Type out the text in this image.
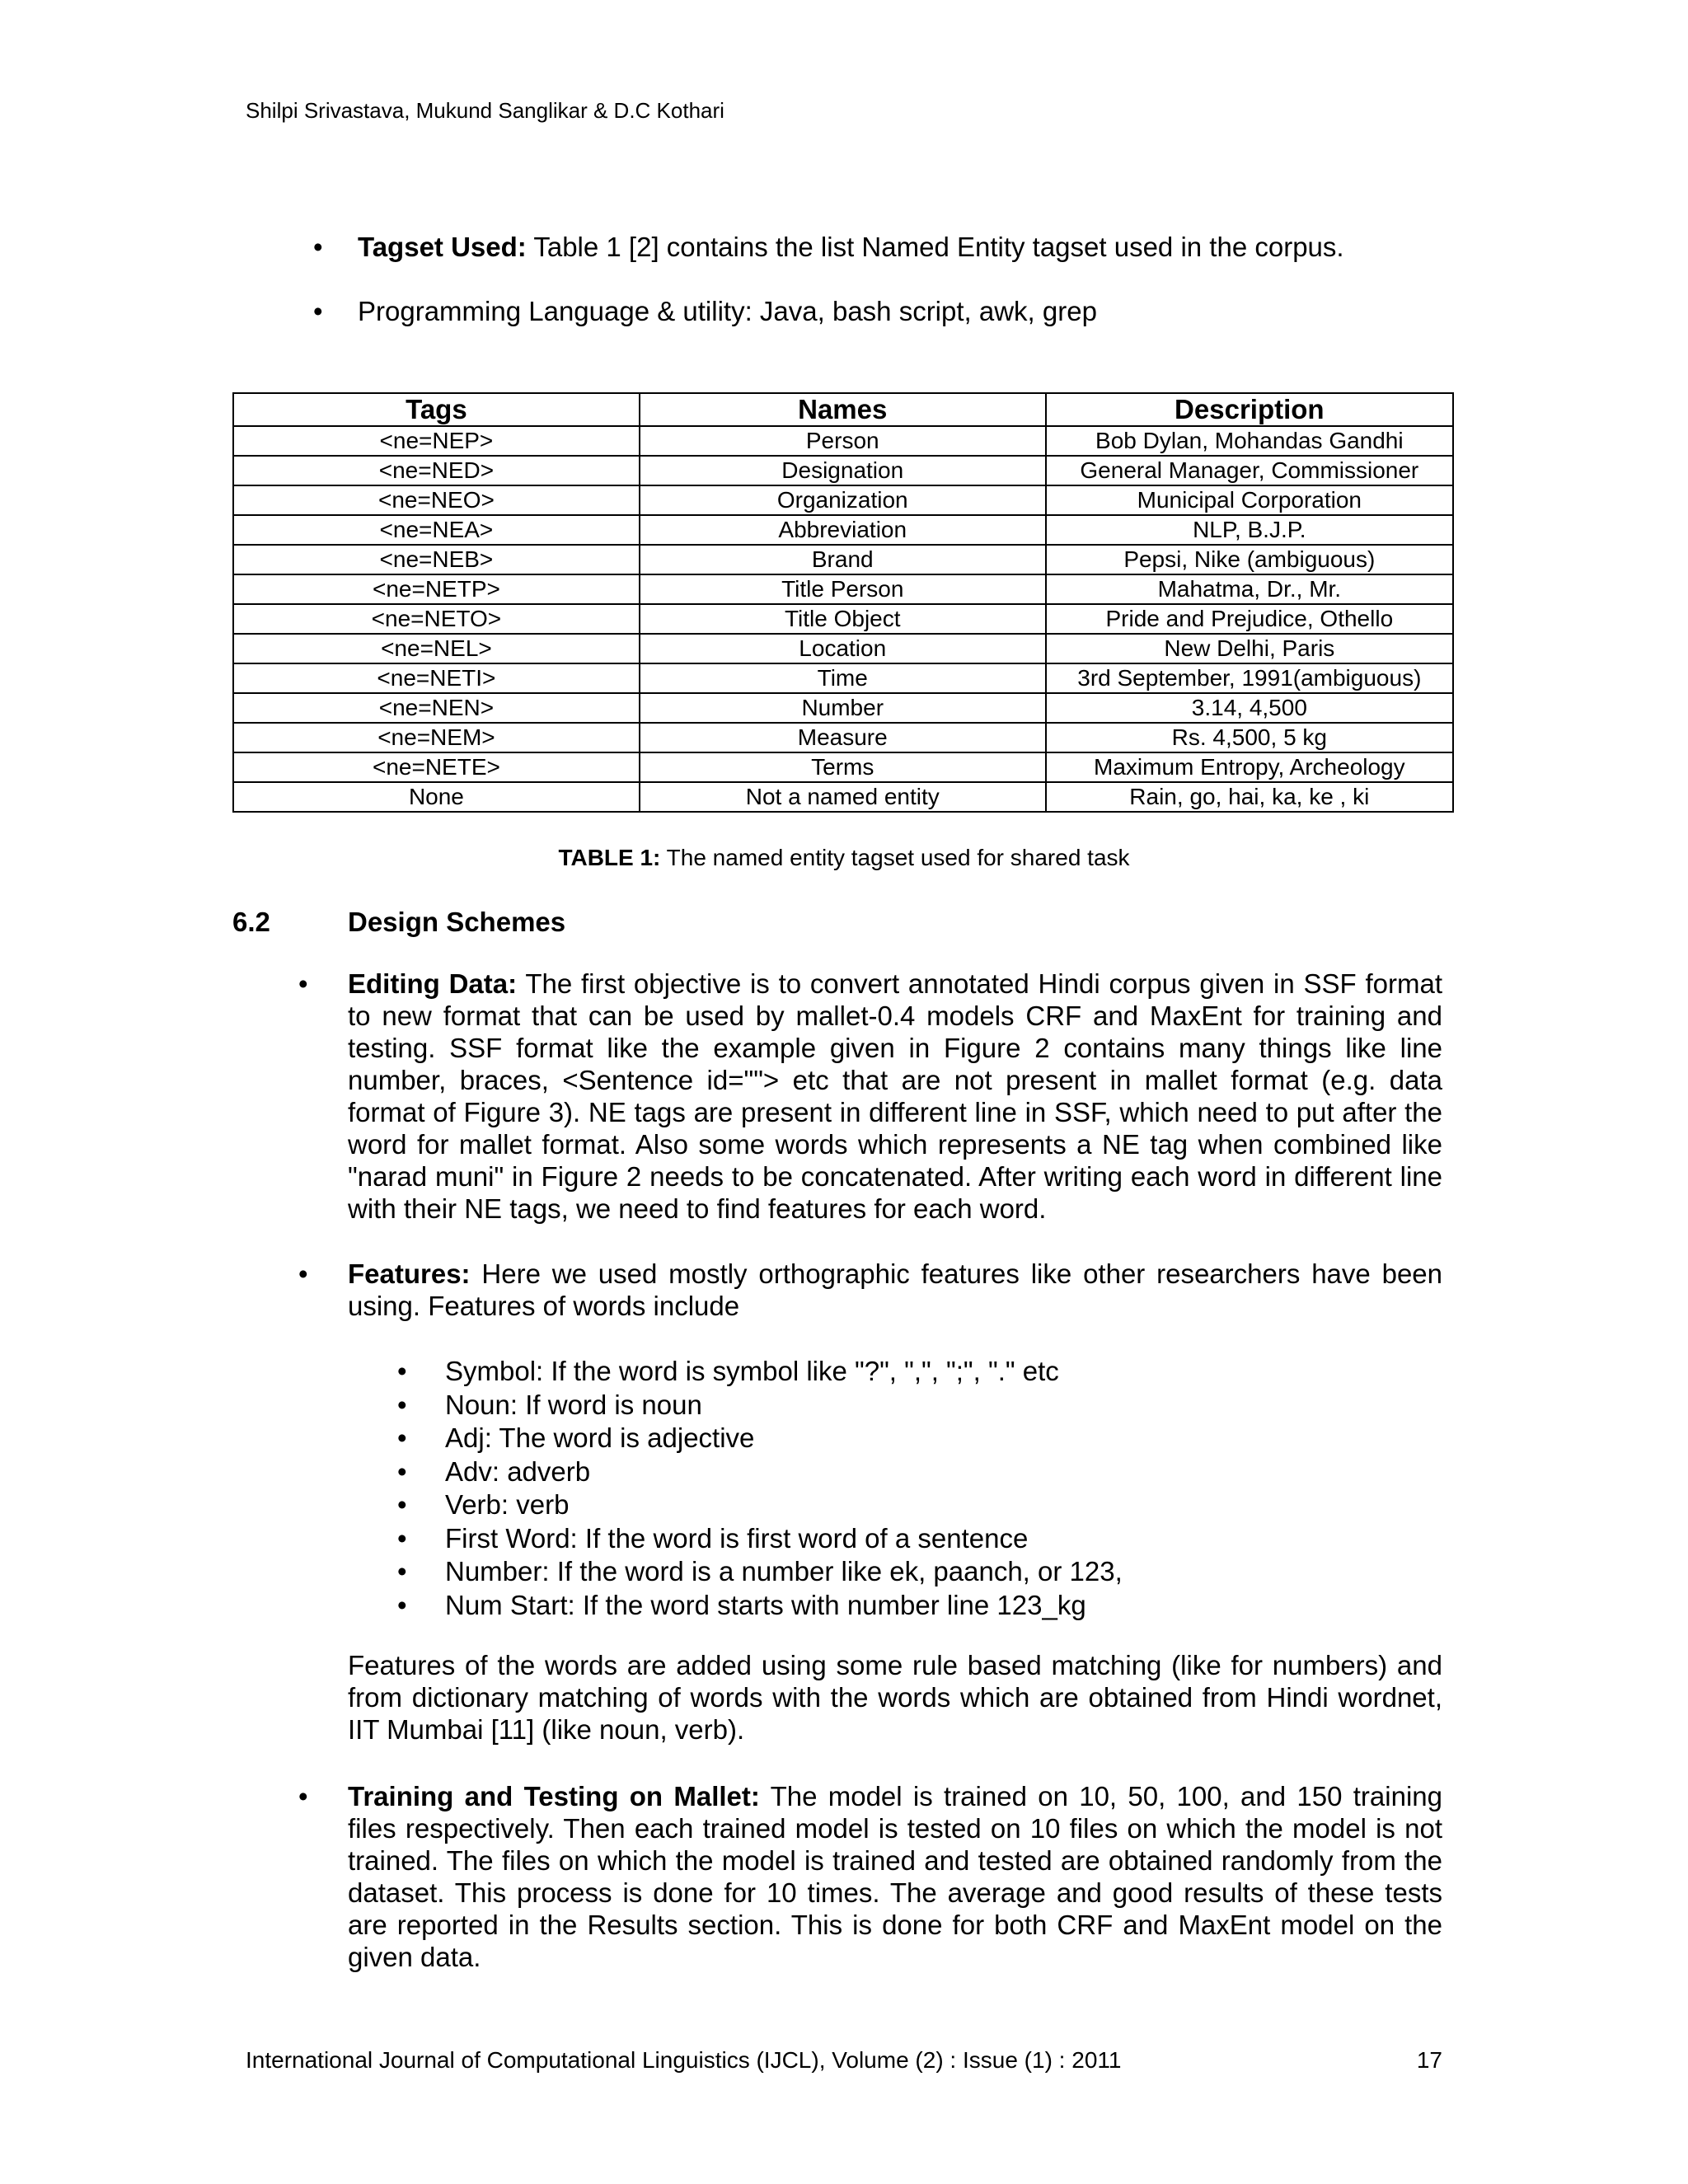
Shilpi Srivastava, Mukund Sanglikar & D.C Kothari
• Tagset Used: Table 1 [2] contains the list Named Entity tagset used in the corpus.
• Programming Language & utility: Java, bash script, awk, grep
Tags	Names	Description
<ne=NEP>	Person	Bob Dylan, Mohandas Gandhi
<ne=NED>	Designation	General Manager, Commissioner
<ne=NEO>	Organization	Municipal Corporation
<ne=NEA>	Abbreviation	NLP, B.J.P.
<ne=NEB>	Brand	Pepsi, Nike (ambiguous)
<ne=NETP>	Title Person	Mahatma, Dr., Mr.
<ne=NETO>	Title Object	Pride and Prejudice, Othello
<ne=NEL>	Location	New Delhi, Paris
<ne=NETI>	Time	3rd September, 1991(ambiguous)
<ne=NEN>	Number	3.14, 4,500
<ne=NEM>	Measure	Rs. 4,500, 5 kg
<ne=NETE>	Terms	Maximum Entropy, Archeology
None	Not a named entity	Rain, go, hai, ka, ke , ki
TABLE 1: The named entity tagset used for shared task
6.2	Design Schemes
• Editing Data: The first objective is to convert annotated Hindi corpus given in SSF format to new format that can be used by mallet-0.4 models CRF and MaxEnt for training and testing. SSF format like the example given in Figure 2 contains many things like line number, braces, <Sentence id=""> etc that are not present in mallet format (e.g. data format of Figure 3). NE tags are present in different line in SSF, which need to put after the word for mallet format. Also some words which represents a NE tag when combined like "narad muni" in Figure 2 needs to be concatenated. After writing each word in different line with their NE tags, we need to find features for each word.

• Features: Here we used mostly orthographic features like other researchers have been using. Features of words include

• Symbol: If the word is symbol like "?", ",", ";", "." etc
• Noun: If word is noun
• Adj: The word is adjective
• Adv: adverb
• Verb: verb
• First Word: If the word is first word of a sentence
• Number: If the word is a number like ek, paanch, or 123,
• Num Start: If the word starts with number line 123_kg

Features of the words are added using some rule based matching (like for numbers) and from dictionary matching of words with the words which are obtained from Hindi wordnet, IIT Mumbai [11] (like noun, verb).

• Training and Testing on Mallet: The model is trained on 10, 50, 100, and 150 training files respectively. Then each trained model is tested on 10 files on which the model is not trained. The files on which the model is trained and tested are obtained randomly from the dataset. This process is done for 10 times. The average and good results of these tests are reported in the Results section. This is done for both CRF and MaxEnt model on the given data.

International Journal of Computational Linguistics (IJCL), Volume (2) : Issue (1) : 2011	17
